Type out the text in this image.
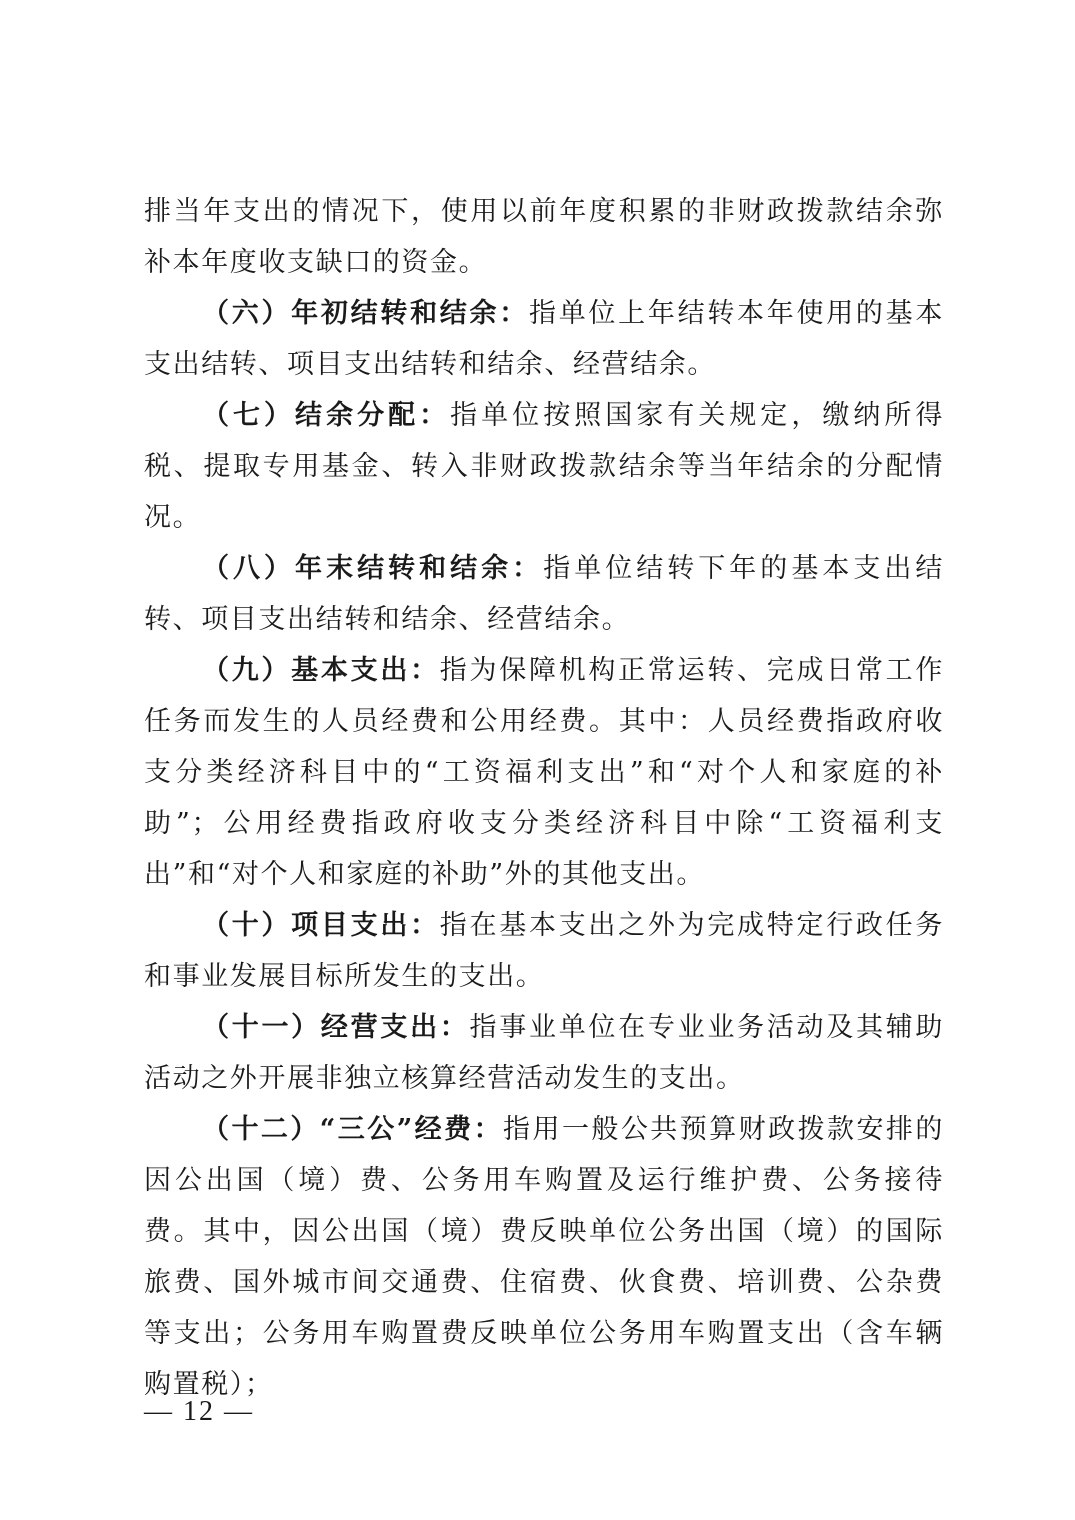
排当年支出的情况下，使用以前年度积累的非财政拨款结余弥补本年度收支缺口的资金。

（六）年初结转和结余：指单位上年结转本年使用的基本支出结转、项目支出结转和结余、经营结余。

（七）结余分配：指单位按照国家有关规定，缴纳所得税、提取专用基金、转入非财政拨款结余等当年结余的分配情况。

（八）年末结转和结余：指单位结转下年的基本支出结转、项目支出结转和结余、经营结余。

（九）基本支出：指为保障机构正常运转、完成日常工作任务而发生的人员经费和公用经费。其中：人员经费指政府收支分类经济科目中的“工资福利支出”和“对个人和家庭的补助”；公用经费指政府收支分类经济科目中除“工资福利支出”和“对个人和家庭的补助”外的其他支出。

（十）项目支出：指在基本支出之外为完成特定行政任务和事业发展目标所发生的支出。

（十一）经营支出：指事业单位在专业业务活动及其辅助活动之外开展非独立核算经营活动发生的支出。

（十二）“三公”经费：指用一般公共预算财政拨款安排的因公出国（境）费、公务用车购置及运行维护费、公务接待费。其中，因公出国（境）费反映单位公务出国（境）的国际旅费、国外城市间交通费、住宿费、伙食费、培训费、公杂费等支出；公务用车购置费反映单位公务用车购置支出（含车辆购置税）；

— 12 —
